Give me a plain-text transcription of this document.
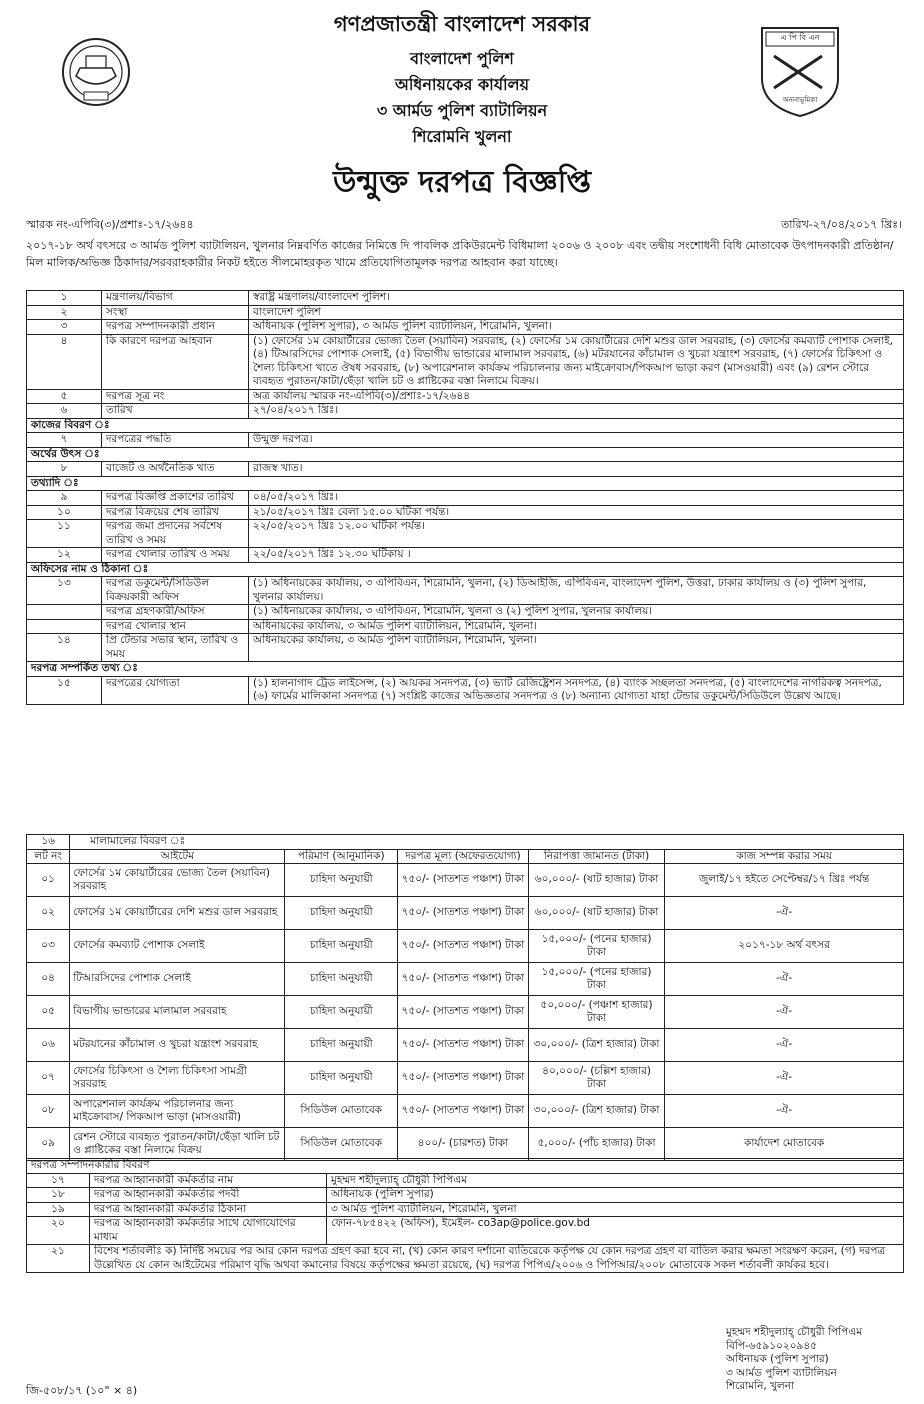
গণপ্রজাতন্ত্রী বাংলাদেশ সরকার
বাংলাদেশ পুলিশ
অধিনায়কের কার্যালয়
৩ আর্মড পুলিশ ব্যাটালিয়ন
শিরোমনি খুলনা
উন্মুক্ত দরপত্র বিজ্ঞপ্তি
এ পি বি এন
অনন্যভূমিকা
স্মারক নং-এপিবি(৩)/প্রশাঃ-১৭/২৬৪৪	তারিখ-২৭/০৪/২০১৭ খ্রিঃ।
২০১৭-১৮ অর্থ বৎসরে ৩ আর্মড পুলিশ ব্যাটালিয়ন, খুলনার নিম্নবর্ণিত কাজের নিমিত্তে দি পাবলিক প্রকিউরমেন্ট বিধিমালা ২০০৬ ও ২০০৮ এবং তদ্বীয় সংশোধনী বিধি মোতাবেক উৎপাদনকারী প্রতিষ্ঠান/মিল মালিক/অভিজ্ঞ ঠিকাদার/সরবরাহকারীর নিকট হইতে সীলমোহরকৃত খামে প্রতিযোগিতামূলক দরপত্র আহবান করা যাচ্ছে।
১	মন্ত্রণালয়/বিভাগ	স্বরাষ্ট্র মন্ত্রণালয়/বাংলাদেশ পুলিশ।
২	সংস্থা	বাংলাদেশ পুলিশ
৩	দরপত্র সম্পাদনকারী প্রধান	অধিনায়ক (পুলিশ সুপার), ৩ আর্মড পুলিশ ব্যাটালিয়ন, শিরোমনি, খুলনা।
৪	কি কারণে দরপত্র আহবান	(১) ফোর্সের ১ম কোয়ার্টারের ভোজ্য তৈল (সয়াবিন) সরবরাহ, (২) ফোর্সের ১ম কোয়ার্টারের দেশি মশুর ডাল সরবরাহ, (৩) ফোর্সের কমব্যাট পোশাক সেলাই, (৪) টিআরসিদের পোশাক সেলাই, (৫) বিভাগীয় ভান্ডারের মালামাল সরবরাহ, (৬) মটরযানের কাঁচামাল ও খুচরা যন্ত্রাংশ সরবরাহ, (৭) ফোর্সের চিকিৎসা ও শৈল্য চিকিৎসা খাতে ঔষধ সরবরাহ, (৮) অপারেশনাল কার্যক্রম পরিচালনার জন্য মাইক্রোবাস/পিকআপ ভাড়া করণ (মাসওয়ারী) এবং (৯) রেশন স্টোরে ব্যবহৃত পুরাতন/কাটা/ছেঁড়া খালি চট ও প্লাষ্টিকের বস্তা নিলামে বিক্রয়।
৫	দরপত্র সূত্র নং	অত্র কার্যালয় স্মারক নং-এপিবি(৩)/প্রশাঃ-১৭/২৬৪৪
৬	তারিখ	২৭/০৪/২০১৭ খ্রিঃ।
কাজের বিবরণ ঃ		
৭	দরপত্রের পদ্ধতি	উন্মুক্ত দরপত্র।
অর্থের উৎস ঃ		
৮	বাজেট ও অর্থনৈতিক খাত	রাজস্ব খাত।
তথ্যাদি ঃ		
৯	দরপত্র বিজ্ঞপ্তি প্রকাশের তারিখ	০৪/০৫/২০১৭ খ্রিঃ।
১০	দরপত্র বিক্রয়ের শেষ তারিখ	২১/০৫/২০১৭ খ্রিঃ বেলা ১৫.০০ ঘটিকা পর্যন্ত।
১১	দরপত্র জমা প্রদানের সর্বশেষ তারিখ ও সময়	২২/০৫/২০১৭ খ্রিঃ ১২.০০ ঘটিকা পর্যন্ত।
১২	দরপত্র খোলার তারিখ ও সময়	২২/০৫/২০১৭ খ্রিঃ ১২.৩০ ঘটিকায় ।
অফিসের নাম ও ঠিকানা ঃ		
১৩	দরপত্র ডকুমেন্ট/সিডিউল বিক্রয়কারী অফিস	(১) অধিনায়কের কার্যালয়, ৩ এপিবিএন, শিরোমনি, খুলনা, (২) ডিআইজি, এপিবিএন, বাংলাদেশ পুলিশ, উত্তরা, ঢাকার কার্যালয় ও (৩) পুলিশ সুপার, খুলনার কার্যালয়।
	দরপত্র গ্রহণকারী/অফিস	(১) অধিনায়কের কার্যালয়, ৩ এপিবিএন, শিরোমনি, খুলনা ও (২) পুলিশ সুপার, খুলনার কার্যালয়।
	দরপত্র খোলার স্থান	অধিনায়কের কার্যালয়, ৩ আর্মড পুলিশ ব্যাটালিয়ন, শিরোমনি, খুলনা।
১৪	প্রি টেন্ডার সভার স্থান, তারিখ ও সময়	অধিনায়কের কার্যালয়, ৩ আর্মড পুলিশ ব্যাটালিয়ন, শিরোমনি, খুলনা।
দরপত্র সম্পর্কিত তথ্য ঃ		
১৫	দরপত্রের যোগ্যতা	(১) হালনাগাদ ট্রেড লাইসেন্স, (২) আয়কর সনদপত্র, (৩) ভ্যাট রেজিষ্ট্রেশন সনদপত্র, (৪) ব্যাংক সচ্ছলতা সনদপত্র, (৫) বাংলাদেশের নাগরিকত্ব সনদপত্র, (৬) ফার্মের মালিকানা সনদপত্র (৭) সংশ্লিষ্ট কাজের অভিজ্ঞতার সনদপত্র ও (৮) অন্যান্য যোগ্যতা যাহা টেন্ডার ডকুমেন্ট/সিডিউলে উল্লেখ আছে।
১৬	মালামালের বিবরণ ঃ				
লট নং	আইটেম	পরিমাণ (আনুমানিক)	দরপত্র মূল্য (অফেরতযোগ্য)	নিরাপত্তা জামানত (টাকা)	কাজ সম্পন্ন করার সময়
০১	ফোর্সের ১ম কোয়ার্টারের ভোজ্য তৈল (সয়াবিন) সরবরাহ	চাহিদা অনুযায়ী	৭৫০/- (সাতশত পঞ্চাশ) টাকা	৬০,০০০/- (ষাট হাজার) টাকা	জুলাই/১৭ হইতে সেপ্টেম্বর/১৭ খ্রিঃ পর্যন্ত
০২	ফোর্সের ১ম কোয়ার্টারের দেশি মশুর ডাল সরবরাহ	চাহিদা অনুযায়ী	৭৫০/- (সাতশত পঞ্চাশ) টাকা	৬০,০০০/- (ষাট হাজার) টাকা	-ঐ-
০৩	ফোর্সের কমব্যাট পোশাক সেলাই	চাহিদা অনুযায়ী	৭৫০/- (সাতশত পঞ্চাশ) টাকা	১৫,০০০/- (পনের হাজার) টাকা	২০১৭-১৮ অর্থ বৎসর
০৪	টিআরসিদের পোশাক সেলাই	চাহিদা অনুযায়ী	৭৫০/- (সাতশত পঞ্চাশ) টাকা	১৫,০০০/- (পনের হাজার) টাকা	-ঐ-
০৫	বিভাগীয় ভান্ডারের মালামাল সরবরাহ	চাহিদা অনুযায়ী	৭৫০/- (সাতশত পঞ্চাশ) টাকা	৫০,০০০/- (পঞ্চাশ হাজার) টাকা	-ঐ-
০৬	মটরযানের কাঁচামাল ও খুচরা যন্ত্রাংশ সরবরাহ	চাহিদা অনুযায়ী	৭৫০/- (সাতশত পঞ্চাশ) টাকা	৩০,০০০/- (ত্রিশ হাজার) টাকা	-ঐ-
০৭	ফোর্সের চিকিৎসা ও শৈল্য চিকিৎসা সামগ্রী সরবরাহ	চাহিদা অনুযায়ী	৭৫০/- (সাতশত পঞ্চাশ) টাকা	৪০,০০০/- (চল্লিশ হাজার) টাকা	-ঐ-
০৮	অপারেশনাল কার্যক্রম পরিচালনার জন্য মাইক্রোবাস/ পিকআপ ভাড়া (মাসওয়ারী)	সিডিউল মোতাবেক	৭৫০/- (সাতশত পঞ্চাশ) টাকা	৩০,০০০/- (ত্রিশ হাজার) টাকা	-ঐ-
০৯	রেশন স্টোরে ব্যবহৃত পুরাতন/কাটা/ছেঁড়া খালি চট ও প্লাষ্টিকের বস্তা নিলামে বিক্রয়	সিডিউল মোতাবেক	৪০০/- (চারশত) টাকা	৫,০০০/- (পাঁচ হাজার) টাকা	কার্যাদেশ মোতাবেক
দরপত্র সম্পাদনকারীর বিবরণ		
১৭	দরপত্র আহ্বানকারী কর্মকর্তার নাম	মুহম্মদ শহীদুল্যাহ্ চৌধুরী পিপিএম
১৮	দরপত্র আহ্বানকারী কর্মকর্তার পদবী	অধিনায়ক (পুলিশ সুপার)
১৯	দরপত্র আহ্বানকারী কর্মকর্তার ঠিকানা	৩ আর্মড পুলিশ ব্যাটালিয়ন, শিরোমনি, খুলনা
২০	দরপত্র আহ্বানকারী কর্মকর্তার সাথে যোগাযোগের মাধ্যম	ফোন-৭৮৫৪২২ (অফিস), ইমেইল- co3ap@police.gov.bd
২১	বিশেষ শর্তাবলীঃ ক) নির্দিষ্ট সময়ের পর আর কোন দরপত্র গ্রহণ করা হবে না, (খ) কোন কারণ দর্শানো ব্যতিরেকে কর্তৃপক্ষ যে কোন দরপত্র গ্রহণ বা বাতিল করার ক্ষমতা সংরক্ষণ করেন, (গ) দরপত্র উল্লেখিত যে কোন আইটেমের পরিমাণ বৃদ্ধি অথবা কমানোর বিষয়ে কর্তৃপক্ষের ক্ষমতা রয়েছে, (ঘ) দরপত্র পিপিএ/২০০৬ ও পিপিআর/২০০৮ মোতাবেক সকল শর্তাবলী কার্যকর হবে।	
মুহম্মদ শহীদুল্যাহ্ চৌধুরী পিপিএম
বিপি-৬৫৯১০২০৯৪৫
অধিনায়ক (পুলিশ সুপার)
৩ আর্মড পুলিশ ব্যাটালিয়ন
শিরোমনি, খুলনা
জি-৫০৮/১৭ (১০" × ৪)
